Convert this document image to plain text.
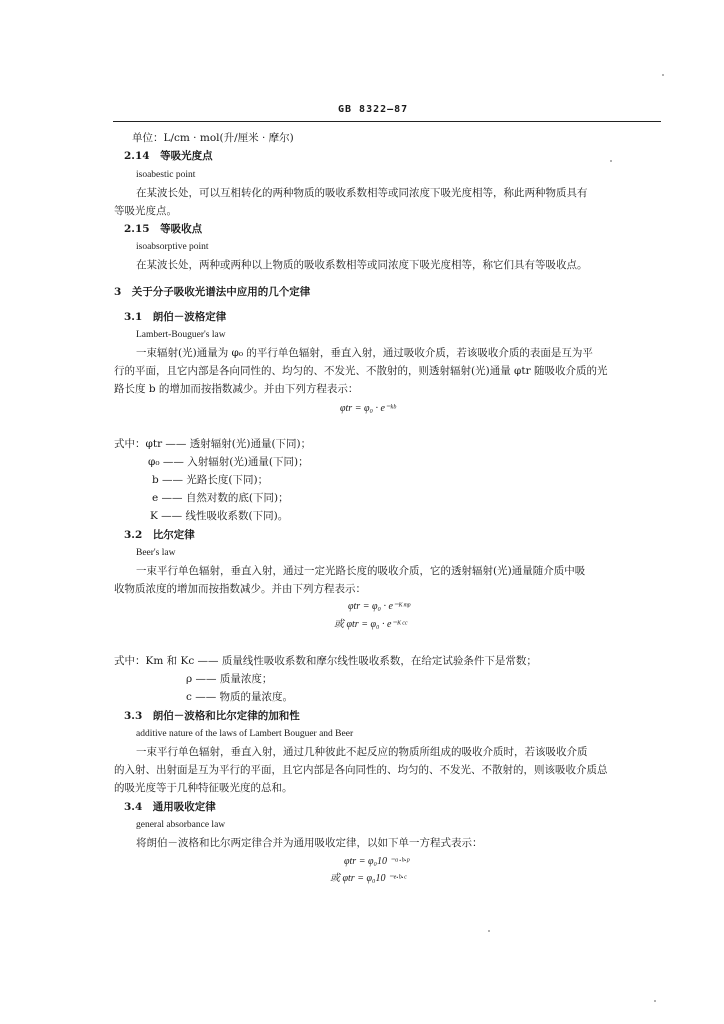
GB 8322—87
单位：L/cm · mol(升/厘米 · 摩尔)
2.14　等吸光度点
isoabestic point
在某波长处，可以互相转化的两种物质的吸收系数相等或同浓度下吸光度相等，称此两种物质具有
等吸光度点。
2.15　等吸收点
isoabsorptive point
在某波长处，两种或两种以上物质的吸收系数相等或同浓度下吸光度相等，称它们具有等吸收点。
3　关于分子吸收光谱法中应用的几个定律
3.1　朗伯－波格定律
Lambert-Bouguer's law
一束辐射(光)通量为 φ₀ 的平行单色辐射，垂直入射，通过吸收介质，若该吸收介质的表面是互为平
行的平面，且它内部是各向同性的、均匀的、不发光、不散射的，则透射辐射(光)通量 φtr 随吸收介质的光
路长度 b 的增加而按指数减少。并由下列方程表示：
φtr = φ₀ · e⁻ᵏᵇ
式中：φtr —— 透射辐射(光)通量(下同)；
φ₀ —— 入射辐射(光)通量(下同)；
b —— 光路长度(下同)；
e —— 自然对数的底(下同)；
K —— 线性吸收系数(下同)。
3.2　比尔定律
Beer's law
一束平行单色辐射，垂直入射，通过一定光路长度的吸收介质，它的透射辐射(光)通量随介质中吸
收物质浓度的增加而按指数减少。并由下列方程表示：
φtr = φ₀ · e⁻ᴷᵐᵖ
或 φtr = φ₀ · e⁻ᴷᶜᶜ
式中：Km 和 Kc —— 质量线性吸收系数和摩尔线性吸收系数，在给定试验条件下是常数；
ρ —— 质量浓度；
c —— 物质的量浓度。
3.3　朗伯－波格和比尔定律的加和性
additive nature of the laws of Lambert Bouguer and Beer
一束平行单色辐射，垂直入射，通过几种彼此不起反应的物质所组成的吸收介质时，若该吸收介质
的入射、出射面是互为平行的平面，且它内部是各向同性的、均匀的、不发光、不散射的，则该吸收介质总
的吸光度等于几种特征吸光度的总和。
3.4　通用吸收定律
general absorbance law
将朗伯－波格和比尔两定律合并为通用吸收定律，以如下单一方程式表示：
φtr = φ₀10 ⁻ᵃ·ᵇ·ᵖ
或 φtr = φ₀10 ⁻ᵉ·ᵇ·ᶜ
